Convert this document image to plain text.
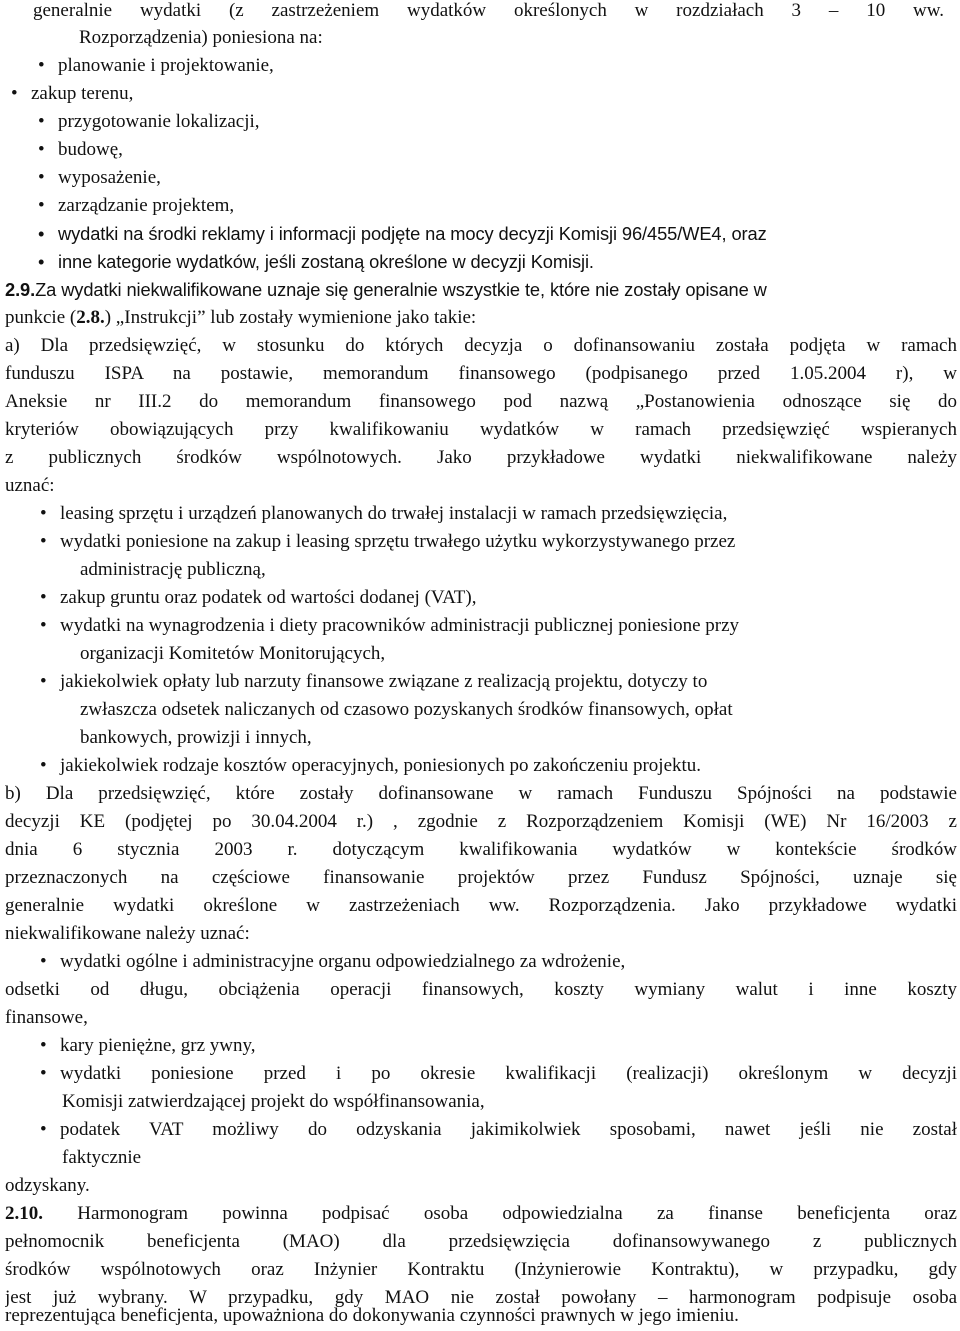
generalnie wydatki (z zastrzeżeniem wydatków określonych w rozdziałach 3 – 10 ww.
Rozporządzenia) poniesiona na:
• planowanie i projektowanie,
• zakup terenu,
• przygotowanie lokalizacji,
• budowę,
• wyposażenie,
• zarządzanie projektem,
• wydatki na środki reklamy i informacji podjęte na mocy decyzji Komisji 96/455/WE4, oraz
• inne kategorie wydatków, jeśli zostaną określone w decyzji Komisji.
2.9.Za wydatki niekwalifikowane uznaje się generalnie wszystkie te, które nie zostały opisane w
punkcie (2.8.) „Instrukcji” lub zostały wymienione jako takie:
a) Dla przedsięwzięć, w stosunku do których decyzja o dofinansowaniu została podjęta w ramach
funduszu ISPA na postawie, memorandum finansowego (podpisanego przed 1.05.2004 r), w
Aneksie nr III.2 do memorandum finansowego pod nazwą „Postanowienia odnoszące się do
kryteriów obowiązujących przy kwalifikowaniu wydatków w ramach przedsięwzięć wspieranych
z publicznych środków wspólnotowych. Jako przykładowe wydatki niekwalifikowane należy
uznać:
• leasing sprzętu i urządzeń planowanych do trwałej instalacji w ramach przedsięwzięcia,
• wydatki poniesione na zakup i leasing sprzętu trwałego użytku wykorzystywanego przez
administrację publiczną,
• zakup gruntu oraz podatek od wartości dodanej (VAT),
• wydatki na wynagrodzenia i diety pracowników administracji publicznej poniesione przy
organizacji Komitetów Monitorujących,
• jakiekolwiek opłaty lub narzuty finansowe związane z realizacją projektu, dotyczy to
zwłaszcza odsetek naliczanych od czasowo pozyskanych środków finansowych, opłat
bankowych, prowizji i innych,
• jakiekolwiek rodzaje kosztów operacyjnych, poniesionych po zakończeniu projektu.
b) Dla przedsięwzięć, które zostały dofinansowane w ramach Funduszu Spójności na podstawie
decyzji KE (podjętej po 30.04.2004 r.) , zgodnie z Rozporządzeniem Komisji (WE) Nr 16/2003 z
dnia 6 stycznia 2003 r. dotyczącym kwalifikowania wydatków w kontekście środków
przeznaczonych na częściowe finansowanie projektów przez Fundusz Spójności, uznaje się
generalnie wydatki określone w zastrzeżeniach ww. Rozporządzenia. Jako przykładowe wydatki
niekwalifikowane należy uznać:
• wydatki ogólne i administracyjne organu odpowiedzialnego za wdrożenie,
odsetki od długu, obciążenia operacji finansowych, koszty wymiany walut i inne koszty
finansowe,
• kary pieniężne, grz ywny,
• wydatki poniesione przed i po okresie kwalifikacji (realizacji) określonym w decyzji
Komisji zatwierdzającej projekt do współfinansowania,
• podatek VAT możliwy do odzyskania jakimikolwiek sposobami, nawet jeśli nie został
faktycznie
odzyskany.
2.10. Harmonogram powinna podpisać osoba odpowiedzialna za finanse beneficjenta oraz
pełnomocnik beneficjenta (MAO) dla przedsięwzięcia dofinansowywanego z publicznych
środków wspólnotowych oraz Inżynier Kontraktu (Inżynierowie Kontraktu), w przypadku, gdy
jest już wybrany. W przypadku, gdy MAO nie został powołany – harmonogram podpisuje osoba
reprezentująca beneficjenta, upoważniona do dokonywania czynności prawnych w jego imieniu.
